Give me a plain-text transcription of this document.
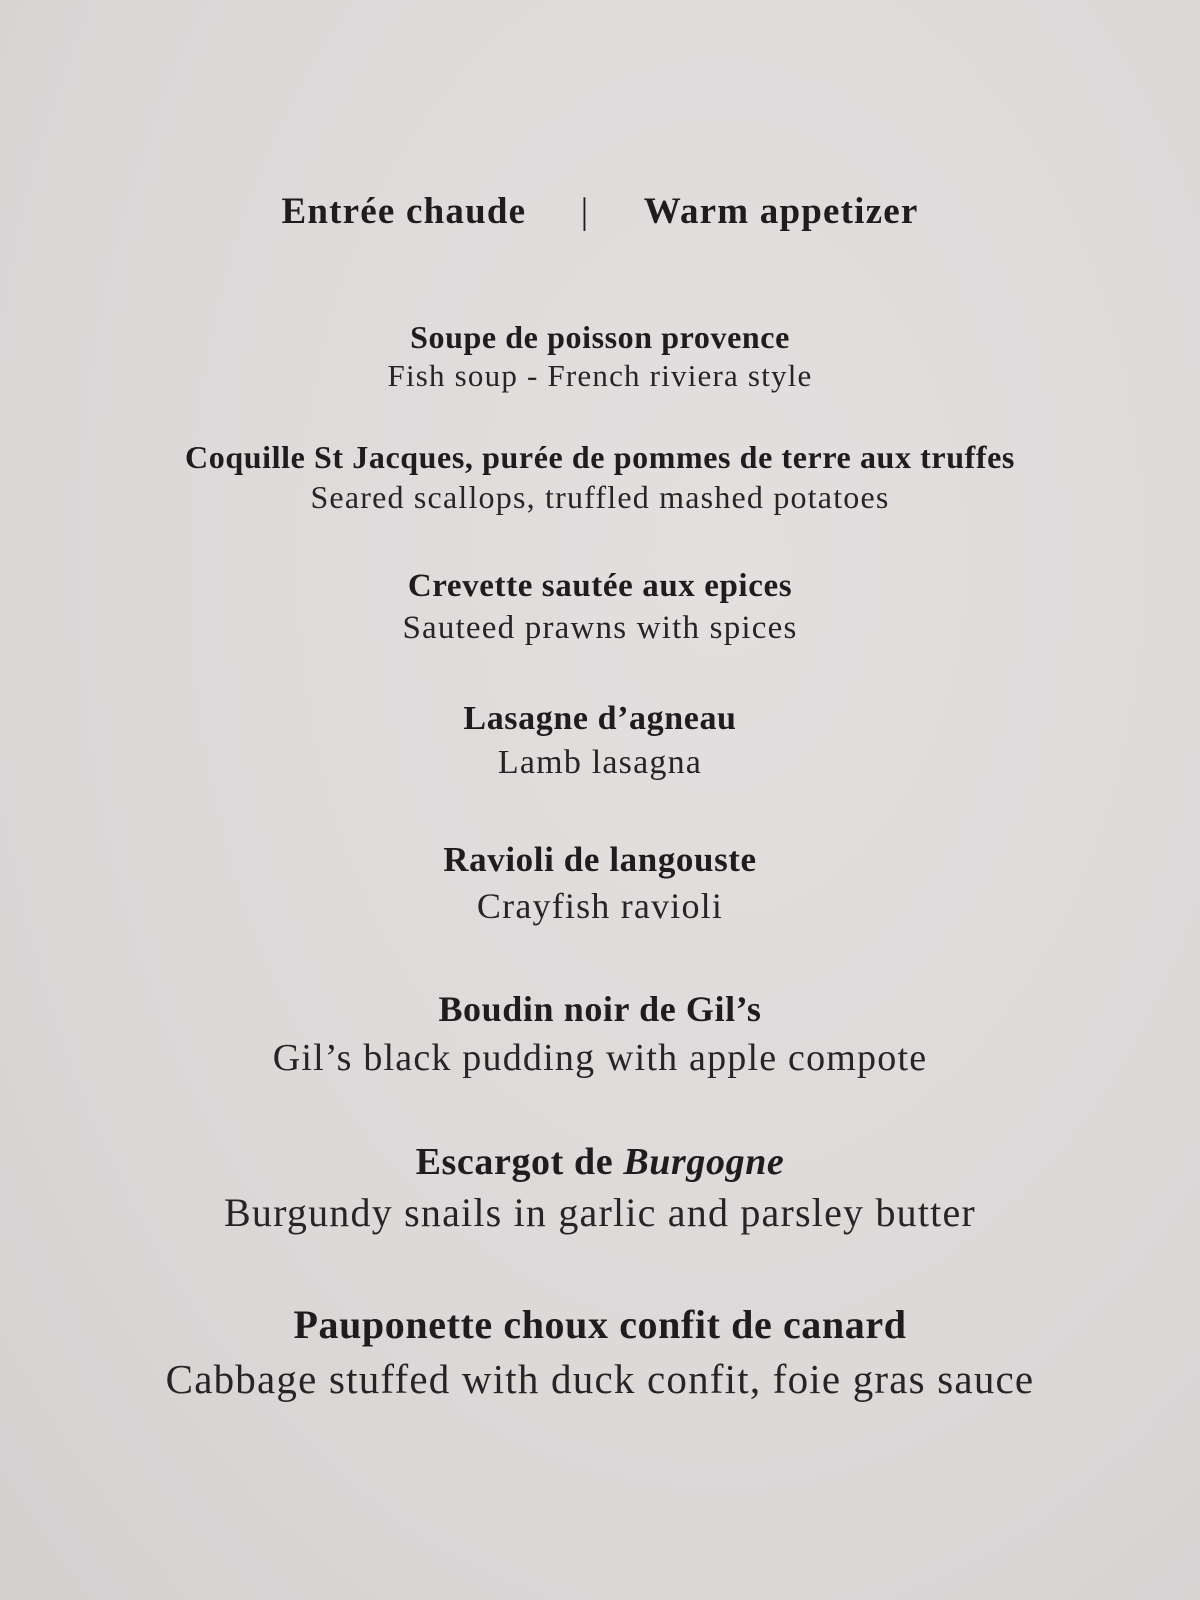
Entrée chaude | Warm appetizer
Soupe de poisson provence
Fish soup - French riviera style
Coquille St Jacques, purée de pommes de terre aux truffes
Seared scallops, truffled mashed potatoes
Crevette sautée aux epices
Sauteed prawns with spices
Lasagne d’agneau
Lamb lasagna
Ravioli de langouste
Crayfish ravioli
Boudin noir de Gil’s
Gil’s black pudding with apple compote
Escargot de Burgogne
Burgundy snails in garlic and parsley butter
Pauponette choux confit de canard
Cabbage stuffed with duck confit, foie gras sauce
